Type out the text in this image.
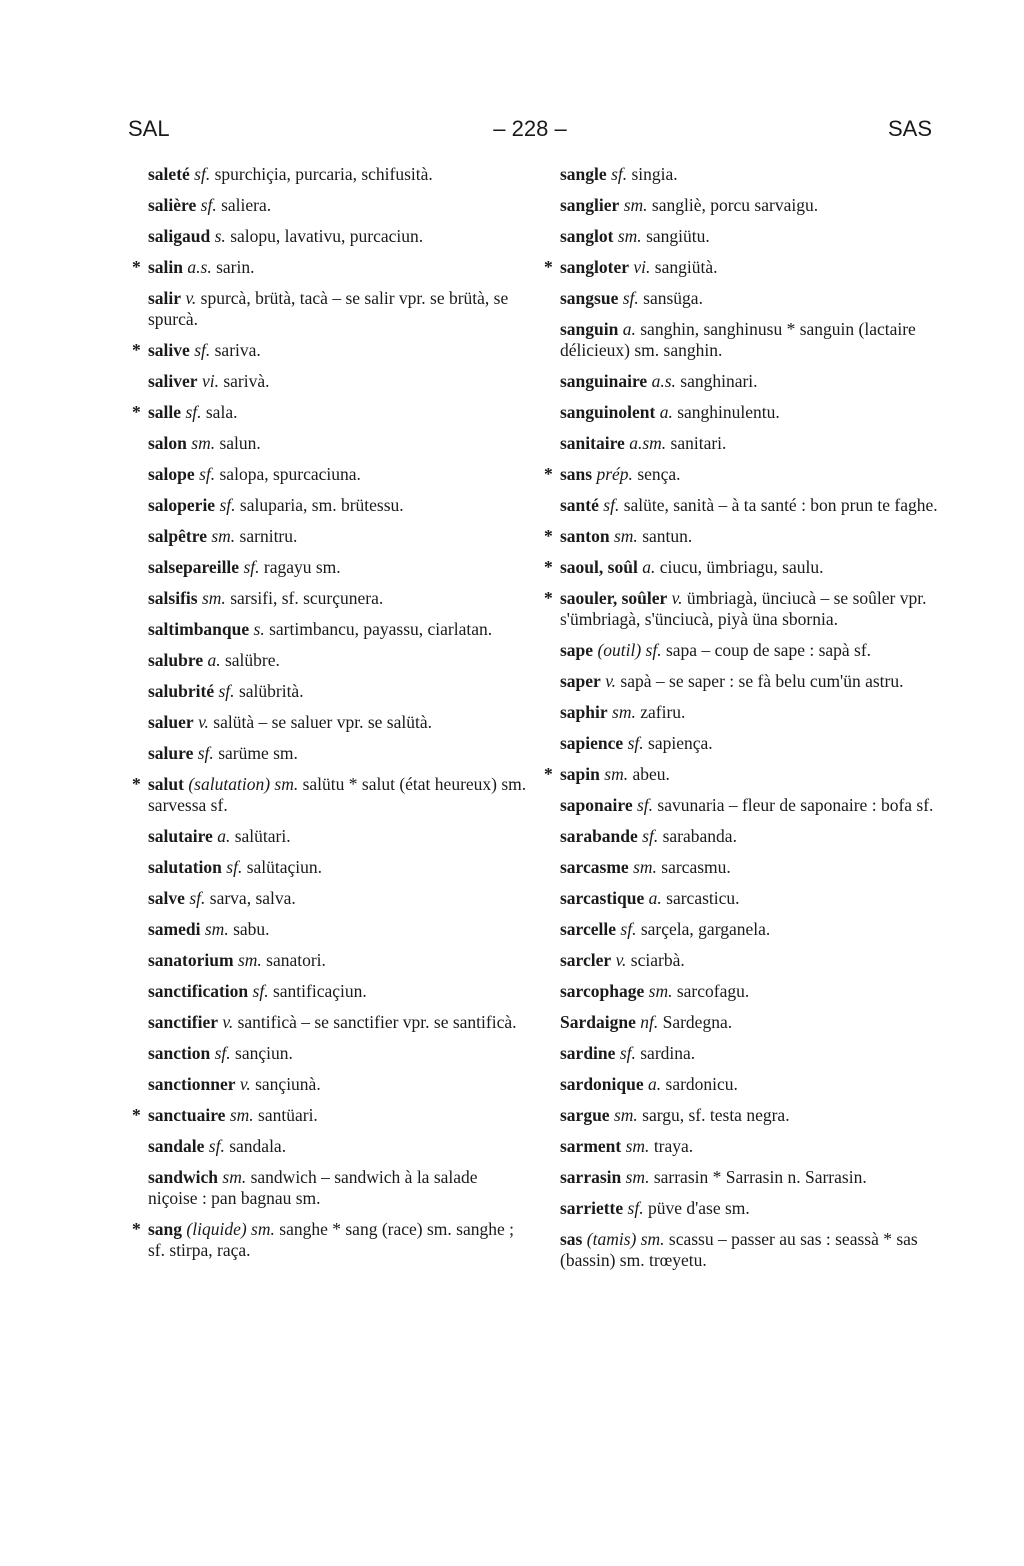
SAL	– 228 –	SAS
saleté sf. spurchiçia, purcaria, schifusità.
salière sf. saliera.
saligaud s. salopu, lavativu, purcaciun.
* salin a.s. sarin.
salir v. spurcà, brütà, tacà – se salir vpr. se brütà, se spurcà.
* salive sf. sariva.
saliver vi. sarivà.
* salle sf. sala.
salon sm. salun.
salope sf. salopa, spurcaciuna.
saloperie sf. saluparia, sm. brütessu.
salpêtre sm. sarnitru.
salsepareille sf. ragayu sm.
salsifis sm. sarsifi, sf. scurçunera.
saltimbanque s. sartimbancu, payassu, ciarlatan.
salubre a. salübre.
salubrité sf. salübrità.
saluer v. salütà – se saluer vpr. se salütà.
salure sf. sarüme sm.
* salut (salutation) sm. salütu * salut (état heureux) sm. sarvessa sf.
salutaire a. salütari.
salutation sf. salütaçiun.
salve sf. sarva, salva.
samedi sm. sabu.
sanatorium sm. sanatori.
sanctification sf. santificaçiun.
sanctifier v. santificà – se sanctifier vpr. se santificà.
sanction sf. sançiun.
sanctionner v. sançiunà.
* sanctuaire sm. santüari.
sandale sf. sandala.
sandwich sm. sandwich – sandwich à la salade niçoise : pan bagnau sm.
* sang (liquide) sm. sanghe * sang (race) sm. sanghe ; sf. stirpa, raça.
sangle sf. singia.
sanglier sm. sangliè, porcu sarvaigu.
sanglot sm. sangiütu.
* sangloter vi. sangiütà.
sangsue sf. sansüga.
sanguin a. sanghin, sanghinusu * sanguin (lactaire délicieux) sm. sanghin.
sanguinaire a.s. sanghinari.
sanguinolent a. sanghinulentu.
sanitaire a.sm. sanitari.
* sans prép. sença.
santé sf. salüte, sanità – à ta santé : bon prun te faghe.
* santon sm. santun.
* saoul, soûl a. ciucu, ümbriagu, saulu.
* saouler, soûler v. ümbriagà, ünciucà – se soûler vpr. s'ümbriagà, s'ünciucà, piyà üna sbornia.
sape (outil) sf. sapa – coup de sape : sapà sf.
saper v. sapà – se saper : se fà belu cum'ün astru.
saphir sm. zafiru.
sapience sf. sapiença.
* sapin sm. abeu.
saponaire sf. savunaria – fleur de saponaire : bofa sf.
sarabande sf. sarabanda.
sarcasme sm. sarcasmu.
sarcastique a. sarcasticu.
sarcelle sf. sarçela, garganela.
sarcler v. sciarbà.
sarcophage sm. sarcofagu.
Sardaigne nf. Sardegna.
sardine sf. sardina.
sardonique a. sardonicu.
sargue sm. sargu, sf. testa negra.
sarment sm. traya.
sarrasin sm. sarrasin * Sarrasin n. Sarrasin.
sarriette sf. püve d'ase sm.
sas (tamis) sm. scassu – passer au sas : seassà * sas (bassin) sm. trœyetu.
